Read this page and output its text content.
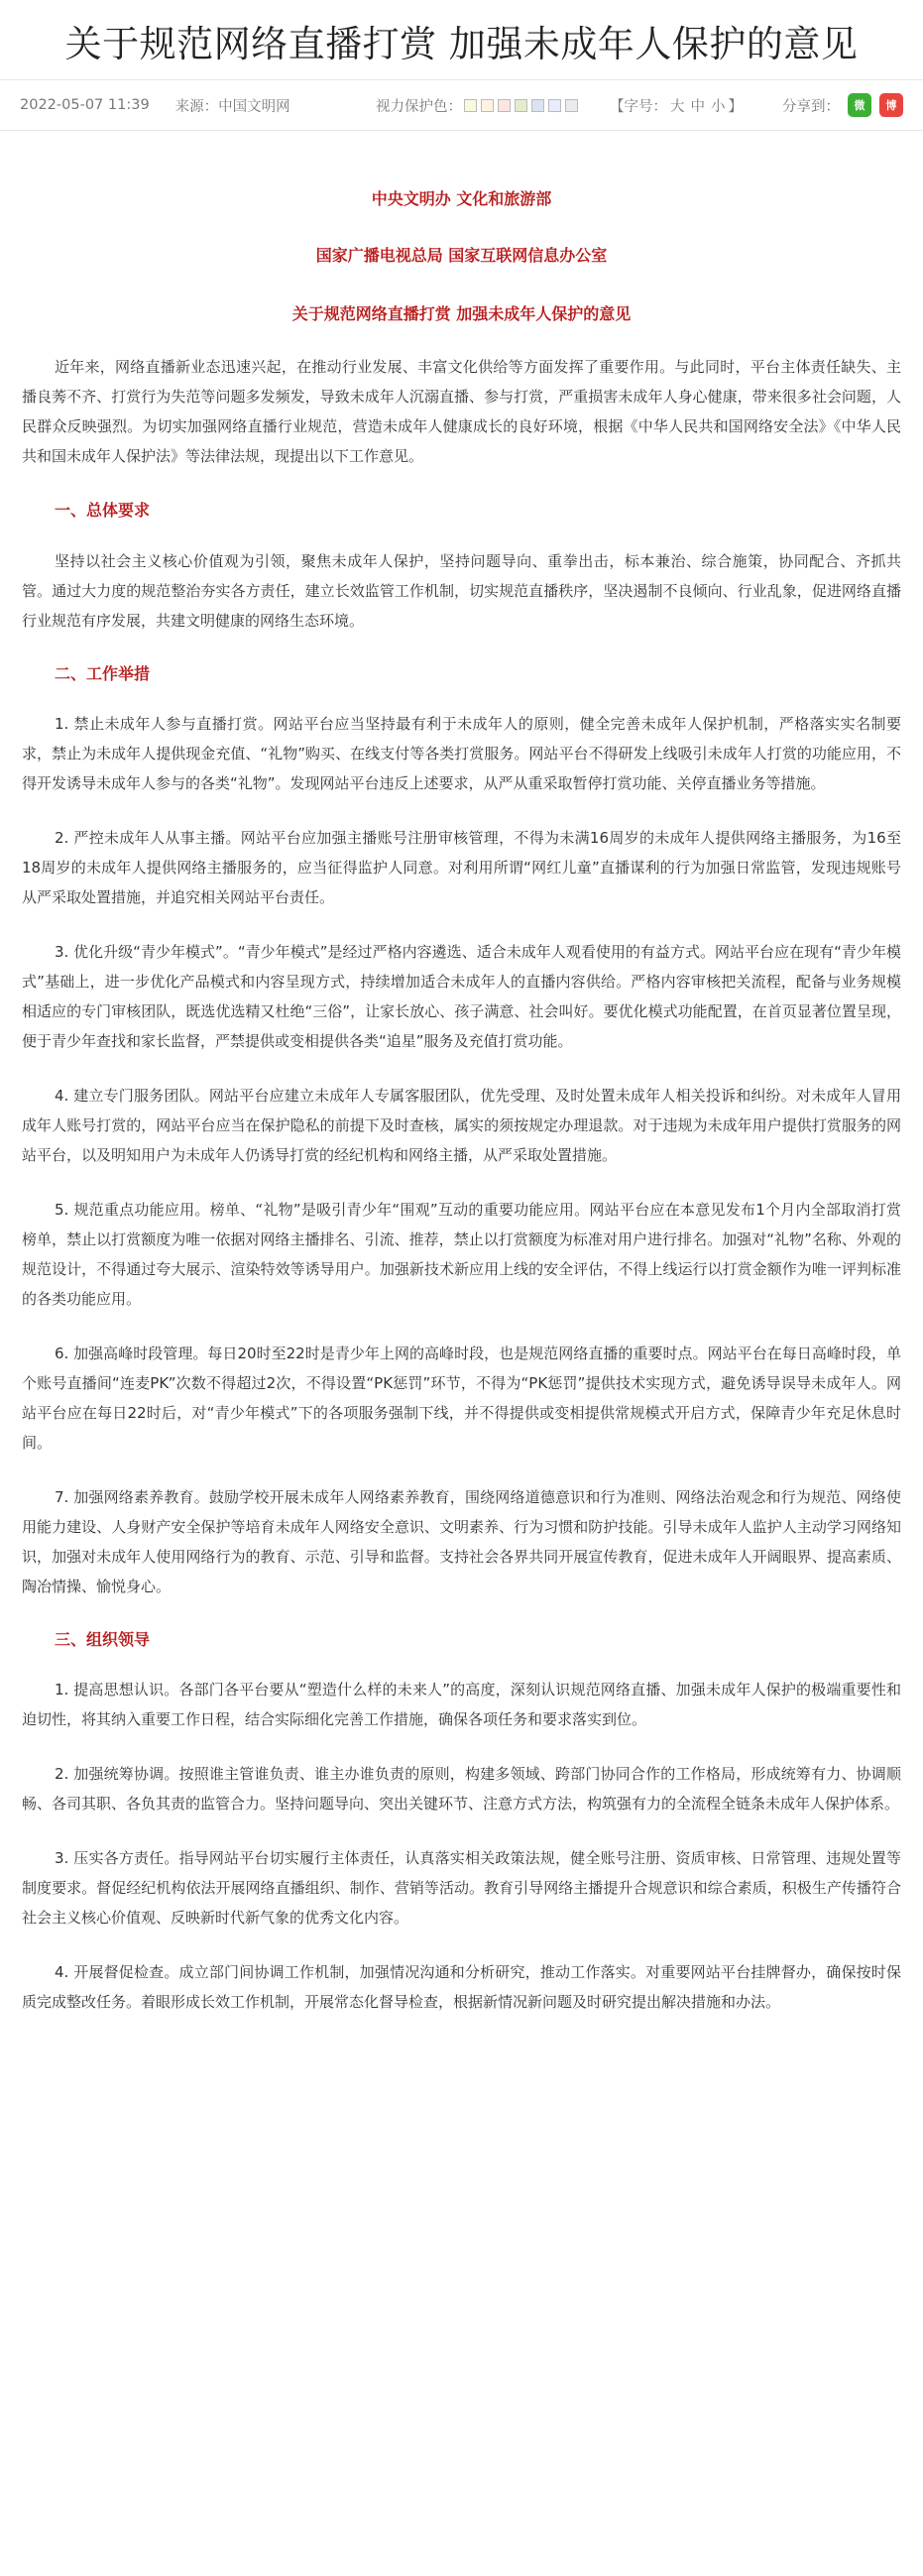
关于规范网络直播打赏 加强未成年人保护的意见
2022-05-07 11:39 来源：中国文明网	视力保护色：	【字号： 大 中 小 】	分享到：	微	博

中央文明办 文化和旅游部

国家广播电视总局 国家互联网信息办公室

关于规范网络直播打赏 加强未成年人保护的意见

近年来，网络直播新业态迅速兴起，在推动行业发展、丰富文化供给等方面发挥了重要作用。与此同时，平台主体责任缺失、主播良莠不齐、打赏行为失范等问题多发频发，导致未成年人沉溺直播、参与打赏，严重损害未成年人身心健康，带来很多社会问题，人民群众反映强烈。为切实加强网络直播行业规范，营造未成年人健康成长的良好环境，根据《中华人民共和国网络安全法》《中华人民共和国未成年人保护法》等法律法规，现提出以下工作意见。

一、总体要求

坚持以社会主义核心价值观为引领，聚焦未成年人保护，坚持问题导向、重拳出击，标本兼治、综合施策，协同配合、齐抓共管。通过大力度的规范整治夯实各方责任，建立长效监管工作机制，切实规范直播秩序，坚决遏制不良倾向、行业乱象，促进网络直播行业规范有序发展，共建文明健康的网络生态环境。

二、工作举措

1. 禁止未成年人参与直播打赏。网站平台应当坚持最有利于未成年人的原则，健全完善未成年人保护机制，严格落实实名制要求，禁止为未成年人提供现金充值、“礼物”购买、在线支付等各类打赏服务。网站平台不得研发上线吸引未成年人打赏的功能应用，不得开发诱导未成年人参与的各类“礼物”。发现网站平台违反上述要求，从严从重采取暂停打赏功能、关停直播业务等措施。

2. 严控未成年人从事主播。网站平台应加强主播账号注册审核管理，不得为未满16周岁的未成年人提供网络主播服务，为16至18周岁的未成年人提供网络主播服务的，应当征得监护人同意。对利用所谓“网红儿童”直播谋利的行为加强日常监管，发现违规账号从严采取处置措施，并追究相关网站平台责任。

3. 优化升级“青少年模式”。“青少年模式”是经过严格内容遴选、适合未成年人观看使用的有益方式。网站平台应在现有“青少年模式”基础上，进一步优化产品模式和内容呈现方式，持续增加适合未成年人的直播内容供给。严格内容审核把关流程，配备与业务规模相适应的专门审核团队，既选优选精又杜绝“三俗”，让家长放心、孩子满意、社会叫好。要优化模式功能配置，在首页显著位置呈现，便于青少年查找和家长监督，严禁提供或变相提供各类“追星”服务及充值打赏功能。

4. 建立专门服务团队。网站平台应建立未成年人专属客服团队，优先受理、及时处置未成年人相关投诉和纠纷。对未成年人冒用成年人账号打赏的，网站平台应当在保护隐私的前提下及时查核，属实的须按规定办理退款。对于违规为未成年用户提供打赏服务的网站平台，以及明知用户为未成年人仍诱导打赏的经纪机构和网络主播，从严采取处置措施。

5. 规范重点功能应用。榜单、“礼物”是吸引青少年“围观”互动的重要功能应用。网站平台应在本意见发布1个月内全部取消打赏榜单，禁止以打赏额度为唯一依据对网络主播排名、引流、推荐，禁止以打赏额度为标准对用户进行排名。加强对“礼物”名称、外观的规范设计，不得通过夸大展示、渲染特效等诱导用户。加强新技术新应用上线的安全评估，不得上线运行以打赏金额作为唯一评判标准的各类功能应用。

6. 加强高峰时段管理。每日20时至22时是青少年上网的高峰时段，也是规范网络直播的重要时点。网站平台在每日高峰时段，单个账号直播间“连麦PK”次数不得超过2次，不得设置“PK惩罚”环节，不得为“PK惩罚”提供技术实现方式，避免诱导误导未成年人。网站平台应在每日22时后，对“青少年模式”下的各项服务强制下线，并不得提供或变相提供常规模式开启方式，保障青少年充足休息时间。

7. 加强网络素养教育。鼓励学校开展未成年人网络素养教育，围绕网络道德意识和行为准则、网络法治观念和行为规范、网络使用能力建设、人身财产安全保护等培育未成年人网络安全意识、文明素养、行为习惯和防护技能。引导未成年人监护人主动学习网络知识，加强对未成年人使用网络行为的教育、示范、引导和监督。支持社会各界共同开展宣传教育，促进未成年人开阔眼界、提高素质、陶冶情操、愉悦身心。

三、组织领导

1. 提高思想认识。各部门各平台要从“塑造什么样的未来人”的高度，深刻认识规范网络直播、加强未成年人保护的极端重要性和迫切性，将其纳入重要工作日程，结合实际细化完善工作措施，确保各项任务和要求落实到位。

2. 加强统筹协调。按照谁主管谁负责、谁主办谁负责的原则，构建多领域、跨部门协同合作的工作格局，形成统筹有力、协调顺畅、各司其职、各负其责的监管合力。坚持问题导向、突出关键环节、注意方式方法，构筑强有力的全流程全链条未成年人保护体系。

3. 压实各方责任。指导网站平台切实履行主体责任，认真落实相关政策法规，健全账号注册、资质审核、日常管理、违规处置等制度要求。督促经纪机构依法开展网络直播组织、制作、营销等活动。教育引导网络主播提升合规意识和综合素质，积极生产传播符合社会主义核心价值观、反映新时代新气象的优秀文化内容。

4. 开展督促检查。成立部门间协调工作机制，加强情况沟通和分析研究，推动工作落实。对重要网站平台挂牌督办，确保按时保质完成整改任务。着眼形成长效工作机制，开展常态化督导检查，根据新情况新问题及时研究提出解决措施和办法。
